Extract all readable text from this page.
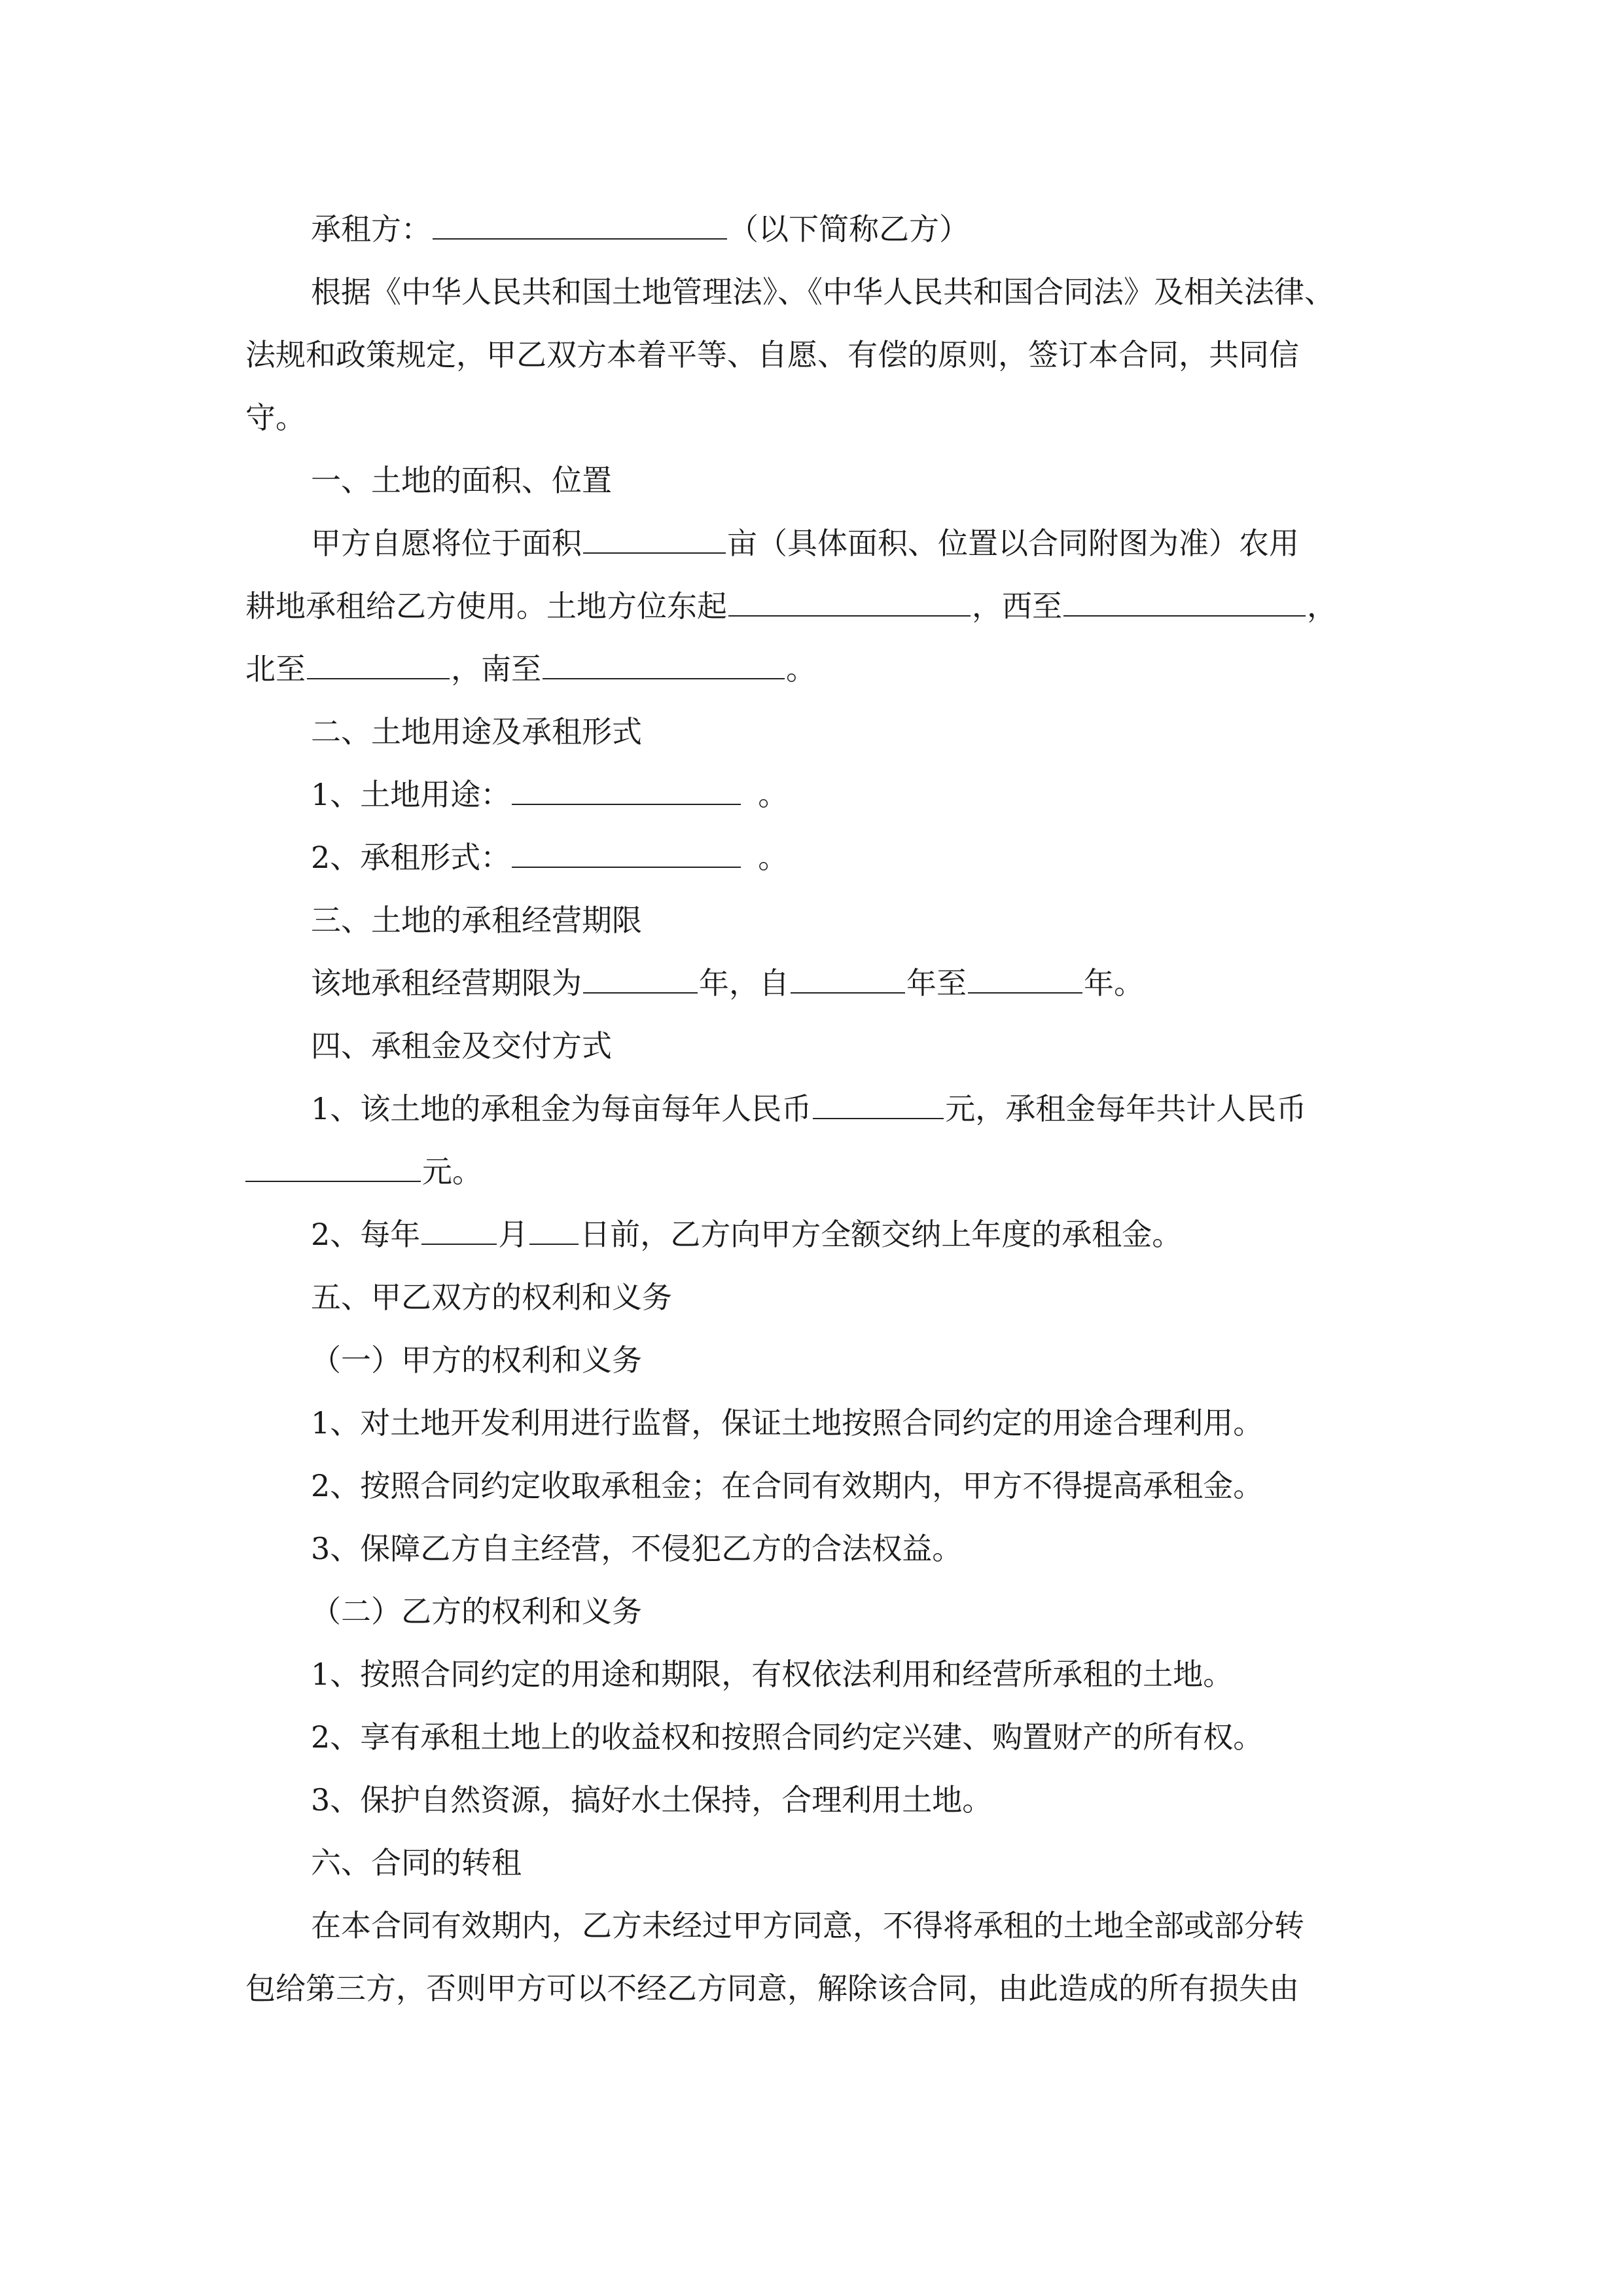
承租方：	（以下简称乙方）
根据《中华人民共和国土地管理法》、《中华人民共和国合同法》及相关法律、
法规和政策规定，甲乙双方本着平等、自愿、有偿的原则，签订本合同，共同信
守。
一、土地的面积、位置
甲方自愿将位于面积	亩（具体面积、位置以合同附图为准）农用
耕地承租给乙方使用。土地方位东起	，西至	，
北至	，南至	。
二、土地用途及承租形式
1、土地用途：	。
2、承租形式：	。
三、土地的承租经营期限
该地承租经营期限为	年，自	年至	年。
四、承租金及交付方式
1、该土地的承租金为每亩每年人民币	元，承租金每年共计人民币
元。
2、每年	月 日前，乙方向甲方全额交纳上年度的承租金。
五、甲乙双方的权利和义务
（一）甲方的权利和义务
1、对土地开发利用进行监督，保证土地按照合同约定的用途合理利用。
2、按照合同约定收取承租金；在合同有效期内，甲方不得提高承租金。
3、保障乙方自主经营，不侵犯乙方的合法权益。
（二）乙方的权利和义务
1、按照合同约定的用途和期限，有权依法利用和经营所承租的土地。
2、享有承租土地上的收益权和按照合同约定兴建、购置财产的所有权。
3、保护自然资源，搞好水土保持，合理利用土地。
六、合同的转租
在本合同有效期内，乙方未经过甲方同意，不得将承租的土地全部或部分转
包给第三方，否则甲方可以不经乙方同意，解除该合同，由此造成的所有损失由
